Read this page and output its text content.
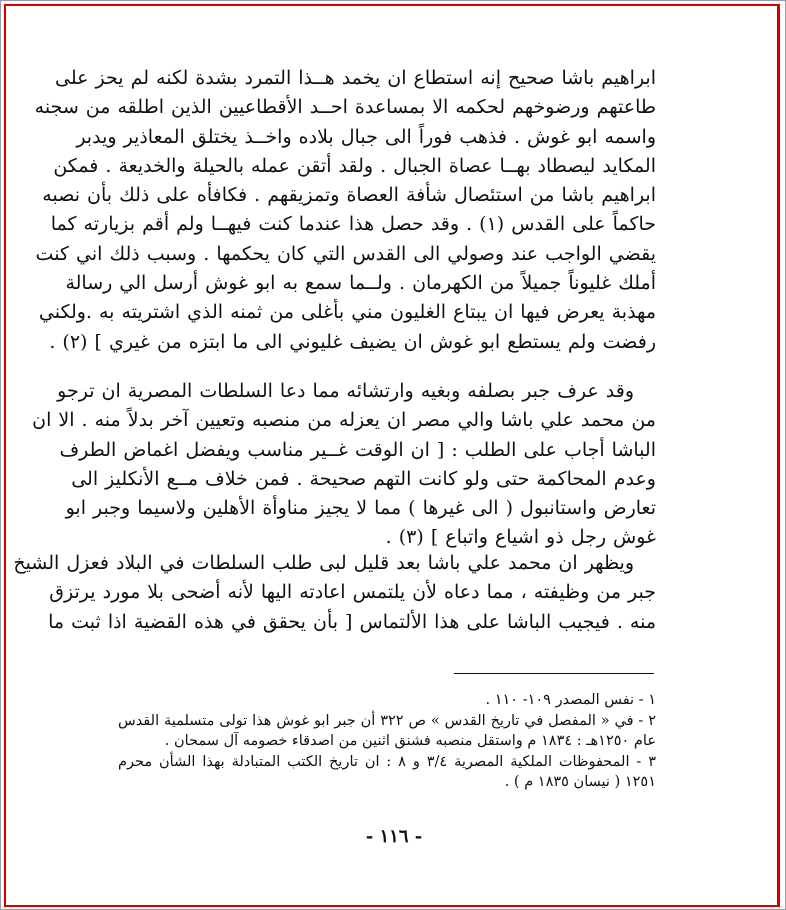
ابراهيم باشا صحيح إنه استطاع ان يخمد هــذا التمرد بشدة لكنه لم يحز على
طاعتهم ورضوخهم لحكمه الا بمساعدة احــد الأقطاعيين الذين اطلقه من سجنه
واسمه ابو غوش . فذهب فوراً الى جبال بلاده واخــذ يختلق المعاذير ويدبر
المكايد ليصطاد بهــا عصاة الجبال . ولقد أتقن عمله بالحيلة والخديعة . فمكن
ابراهيم باشا من استئصال شأفة العصاة وتمزيقهم . فكافأه على ذلك بأن نصبه
حاكماً على القدس (١) . وقد حصل هذا عندما كنت فيهــا ولم أقم بزيارته كما
يقضي الواجب عند وصولي الى القدس التي كان يحكمها . وسبب ذلك اني كنت
أملك غليوناً جميلاً من الكهرمان . ولــما سمع به ابو غوش أرسل الي رسالة
مهذبة يعرض فيها ان يبتاع الغليون مني بأغلى من ثمنه الذي اشتريته به .ولكني
رفضت ولم يستطع ابو غوش ان يضيف غليوني الى ما ابتزه من غيري ] (٢) .
وقد عرف جبر بصلفه وبغيه وارتشائه مما دعا السلطات المصرية ان ترجو
من محمد علي باشا والي مصر ان يعزله من منصبه وتعيين آخر بدلاً منه . الا ان
الباشا أجاب على الطلب : [ ان الوقت غــير مناسب ويفضل اغماض الطرف
وعدم المحاكمة حتى ولو كانت التهم صحيحة . فمن خلاف مــع الأنكليز الى
تعارض واستانبول ( الى غيرها ) مما لا يجيز مناوأة الأهلين ولاسيما وجبر ابو
غوش رجل ذو اشياع واتباع ] (٣) .
ويظهر ان محمد علي باشا بعد قليل لبى طلب السلطات في البلاد فعزل الشيخ
جبر من وظيفته ، مما دعاه لأن يلتمس اعادته اليها لأنه أضحى بلا مورد يرتزق
منه . فيجيب الباشا على هذا الألتماس [ بأن يحقق في هذه القضية اذا ثبت ما
١ - نفس المصدر ١٠٩- ١١٠ .
٢ - في « المفصل في تاريخ القدس » ص ٣٢٢ أن جبر ابو غوش هذا تولى متسلمية القدس
عام ١٢٥٠هـ : ١٨٣٤ م واستقل منصبه فشنق اثنين من اصدقاء خصومه آل سمحان .
٣ - المحفوظات الملكية المصرية ٣/٤ و ٨ : ان تاريخ الكتب المتبادلة بهذا الشأن محرم
١٢٥١ ( نيسان ١٨٣٥ م ) .
- ١١٦ -
